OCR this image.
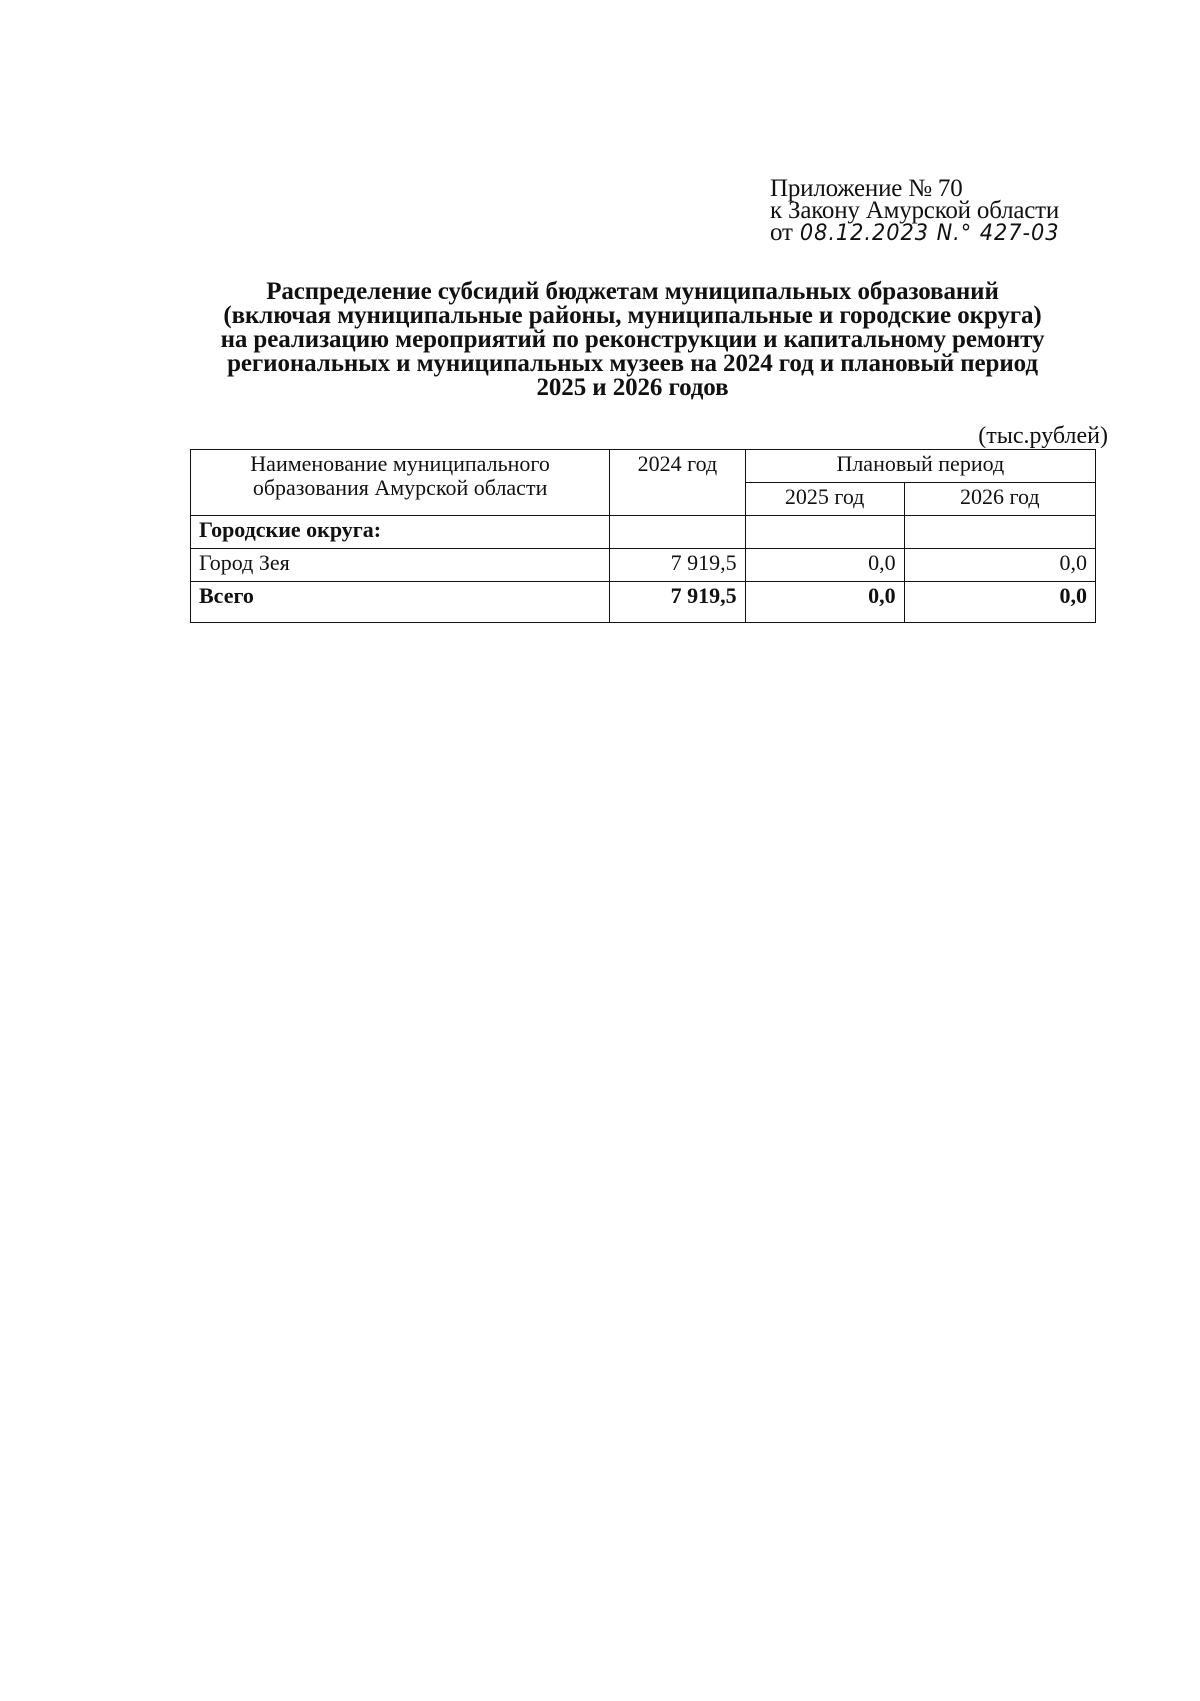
Приложение № 70
к Закону Амурской области
от 08.12.2023 N.° 427-03
Распределение субсидий бюджетам муниципальных образований
(включая муниципальные районы, муниципальные и городские округа)
на реализацию мероприятий по реконструкции и капитальному ремонту
региональных и муниципальных музеев на 2024 год и плановый период
2025 и 2026 годов
(тыс.рублей)
Наименование муниципального
образования Амурской области	2024 год	Плановый период	
		2025 год	2026 год
Городские округа:			
Город Зея	7 919,5	0,0	0,0
Всего	7 919,5	0,0	0,0
